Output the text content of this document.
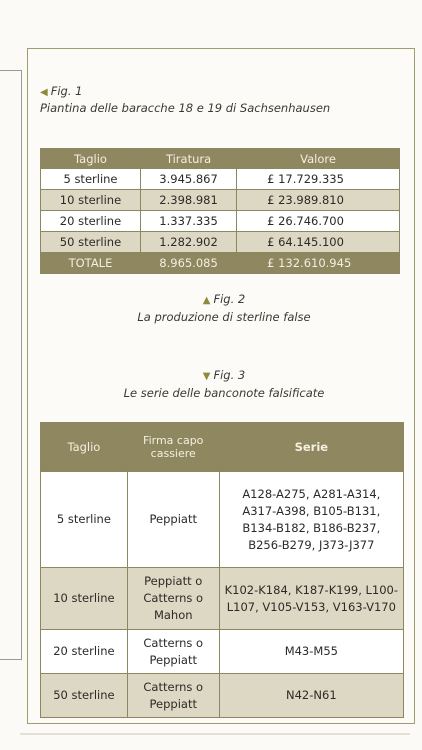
◀ Fig. 1
Piantina delle baracche 18 e 19 di Sachsenhausen
Taglio	Tiratura	Valore
5 sterline	3.945.867	£ 17.729.335
10 sterline	2.398.981	£ 23.989.810
20 sterline	1.337.335	£ 26.746.700
50 sterline	1.282.902	£ 64.145.100
TOTALE	8.965.085	£ 132.610.945
▲ Fig. 2
La produzione di sterline false
▼ Fig. 3
Le serie delle banconote falsificate
Taglio	Firma capo cassiere	Serie
5 sterline	Peppiatt	A128-A275, A281-A314, A317-A398, B105-B131, B134-B182, B186-B237, B256-B279, J373-J377
10 sterline	Peppiatt o Catterns o Mahon	K102-K184, K187-K199, L100-L107, V105-V153, V163-V170
20 sterline	Catterns o Peppiatt	M43-M55
50 sterline	Catterns o Peppiatt	N42-N61
